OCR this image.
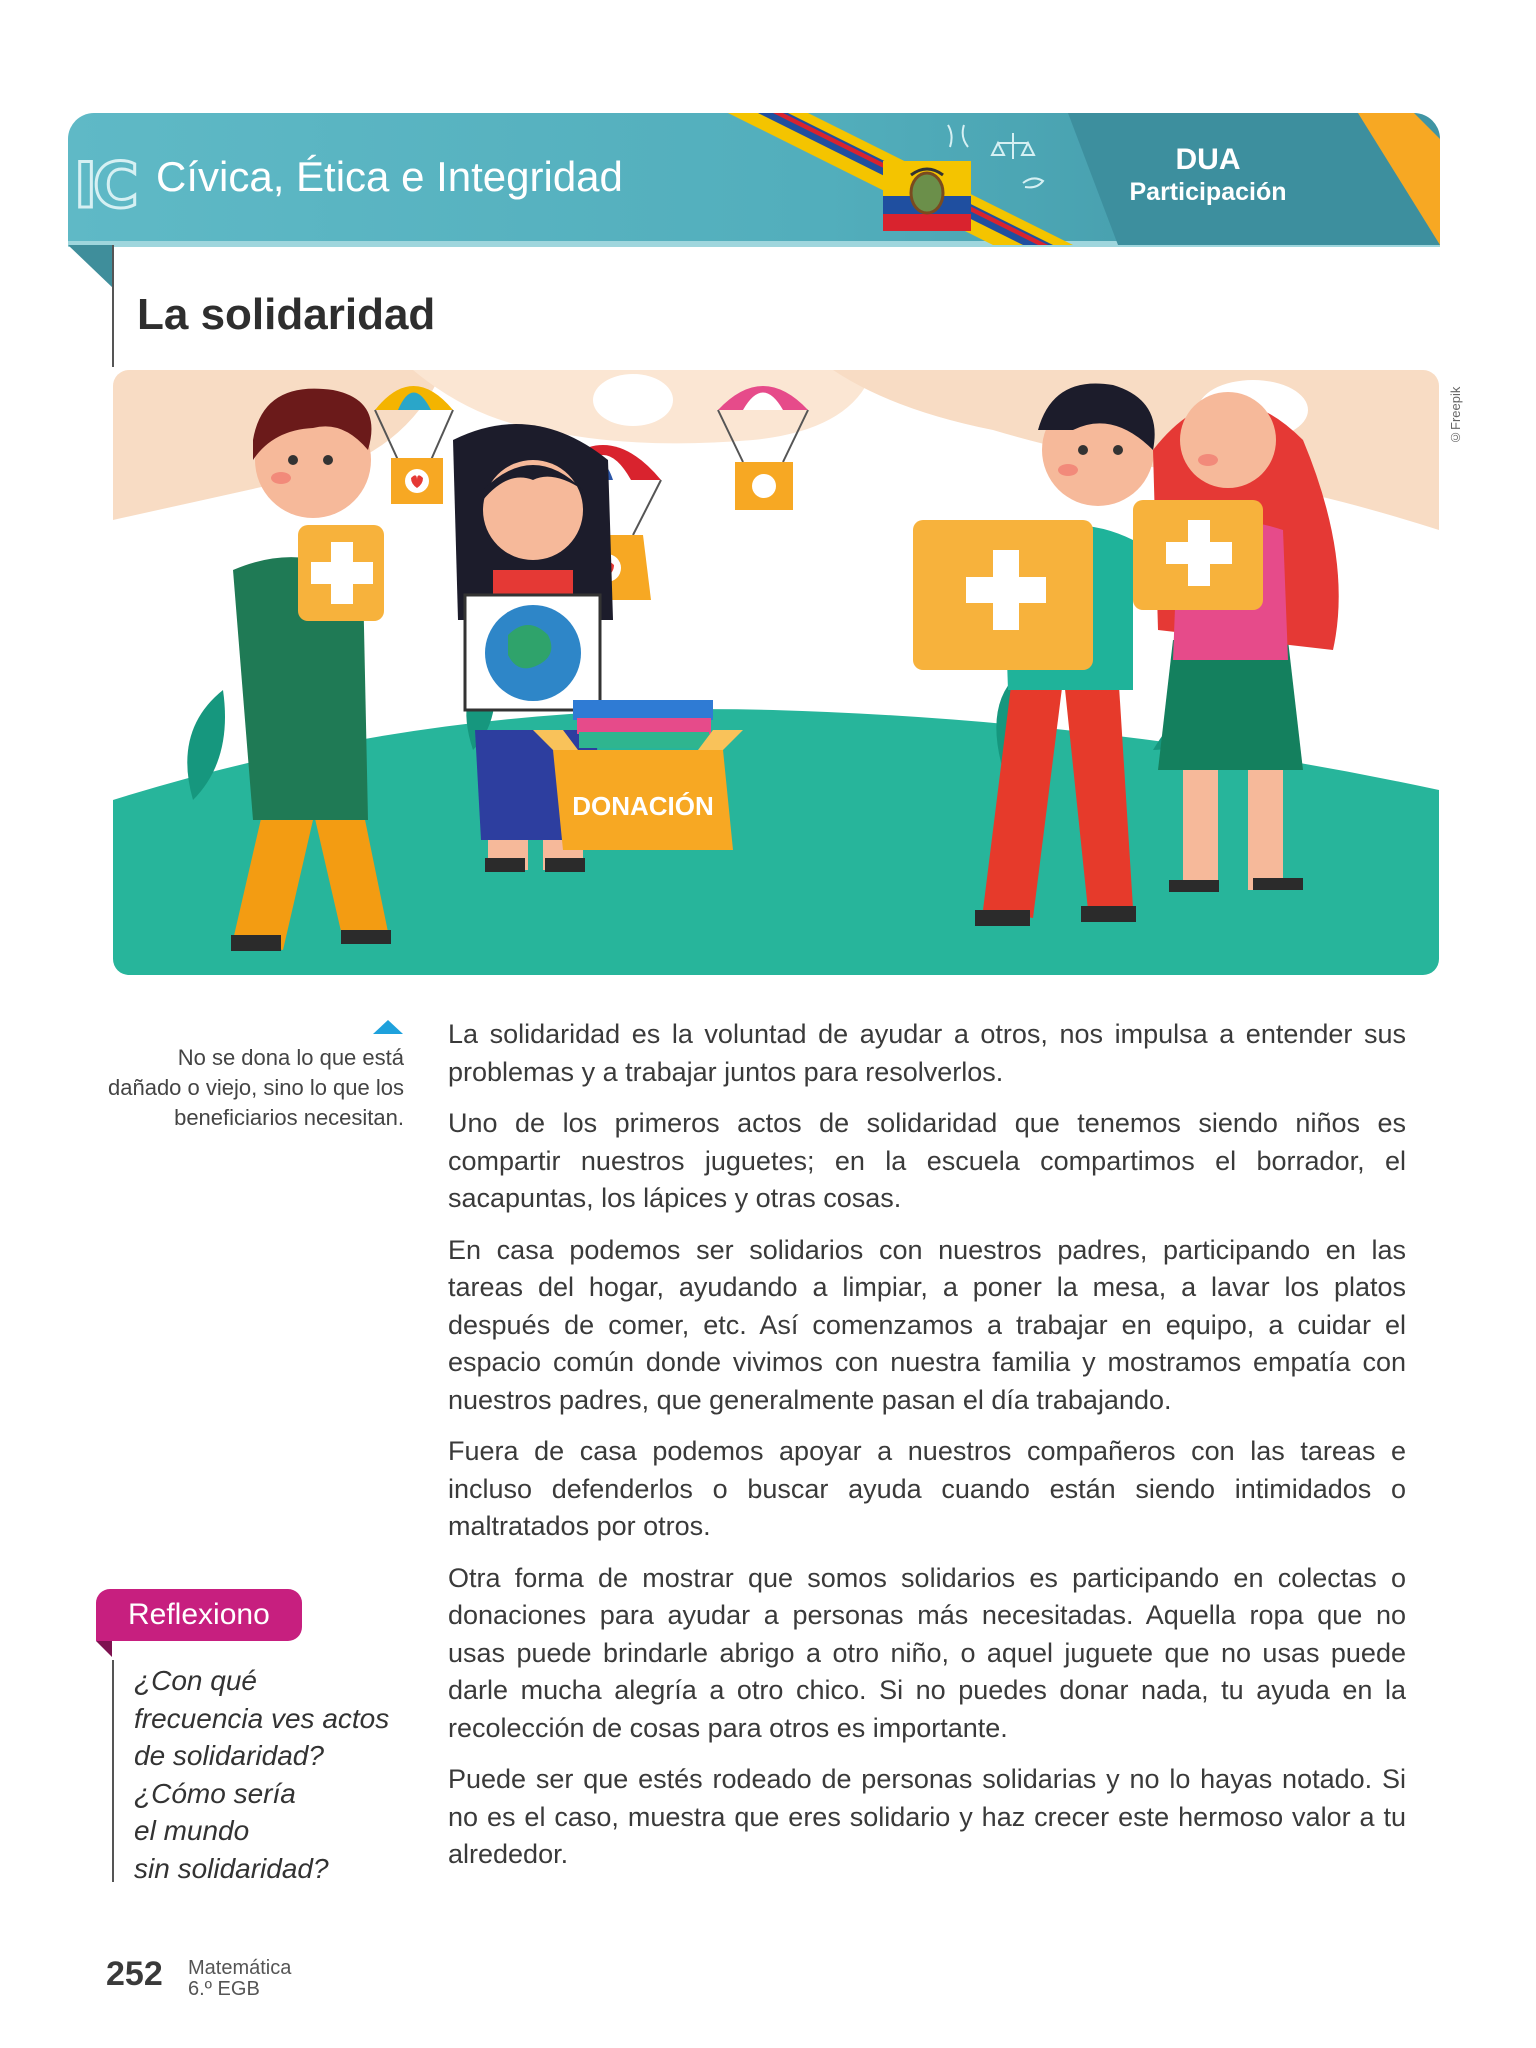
IC Cívica, Ética e Integridad	DUA
Participación
La solidaridad
DONACIÓN
©Freepik
No se dona lo que está dañado o viejo, sino lo que los beneficiarios necesitan.

La solidaridad es la voluntad de ayudar a otros, nos impulsa a entender sus problemas y a trabajar juntos para resolverlos.

Uno de los primeros actos de solidaridad que tenemos siendo niños es compartir nuestros juguetes; en la escuela compartimos el borrador, el sacapuntas, los lápices y otras cosas.

En casa podemos ser solidarios con nuestros padres, participando en las tareas del hogar, ayudando a limpiar, a poner la mesa, a lavar los platos después de comer, etc. Así comenzamos a trabajar en equipo, a cuidar el espacio común donde vivimos con nuestra familia y mostramos empatía con nuestros padres, que generalmente pasan el día trabajando.

Fuera de casa podemos apoyar a nuestros compañeros con las tareas e incluso defenderlos o buscar ayuda cuando están siendo intimidados o maltratados por otros.

Otra forma de mostrar que somos solidarios es participando en colectas o donaciones para ayudar a personas más necesitadas. Aquella ropa que no usas puede brindarle abrigo a otro niño, o aquel juguete que no usas puede darle mucha alegría a otro chico. Si no puedes donar nada, tu ayuda en la recolección de cosas para otros es importante.

Puede ser que estés rodeado de personas solidarias y no lo hayas notado. Si no es el caso, muestra que eres solidario y haz crecer este hermoso valor a tu alrededor.

Reflexiono
¿Con qué
frecuencia ves actos
de solidaridad?
¿Cómo sería
el mundo
sin solidaridad?
252 Matemática
6.º EGB
